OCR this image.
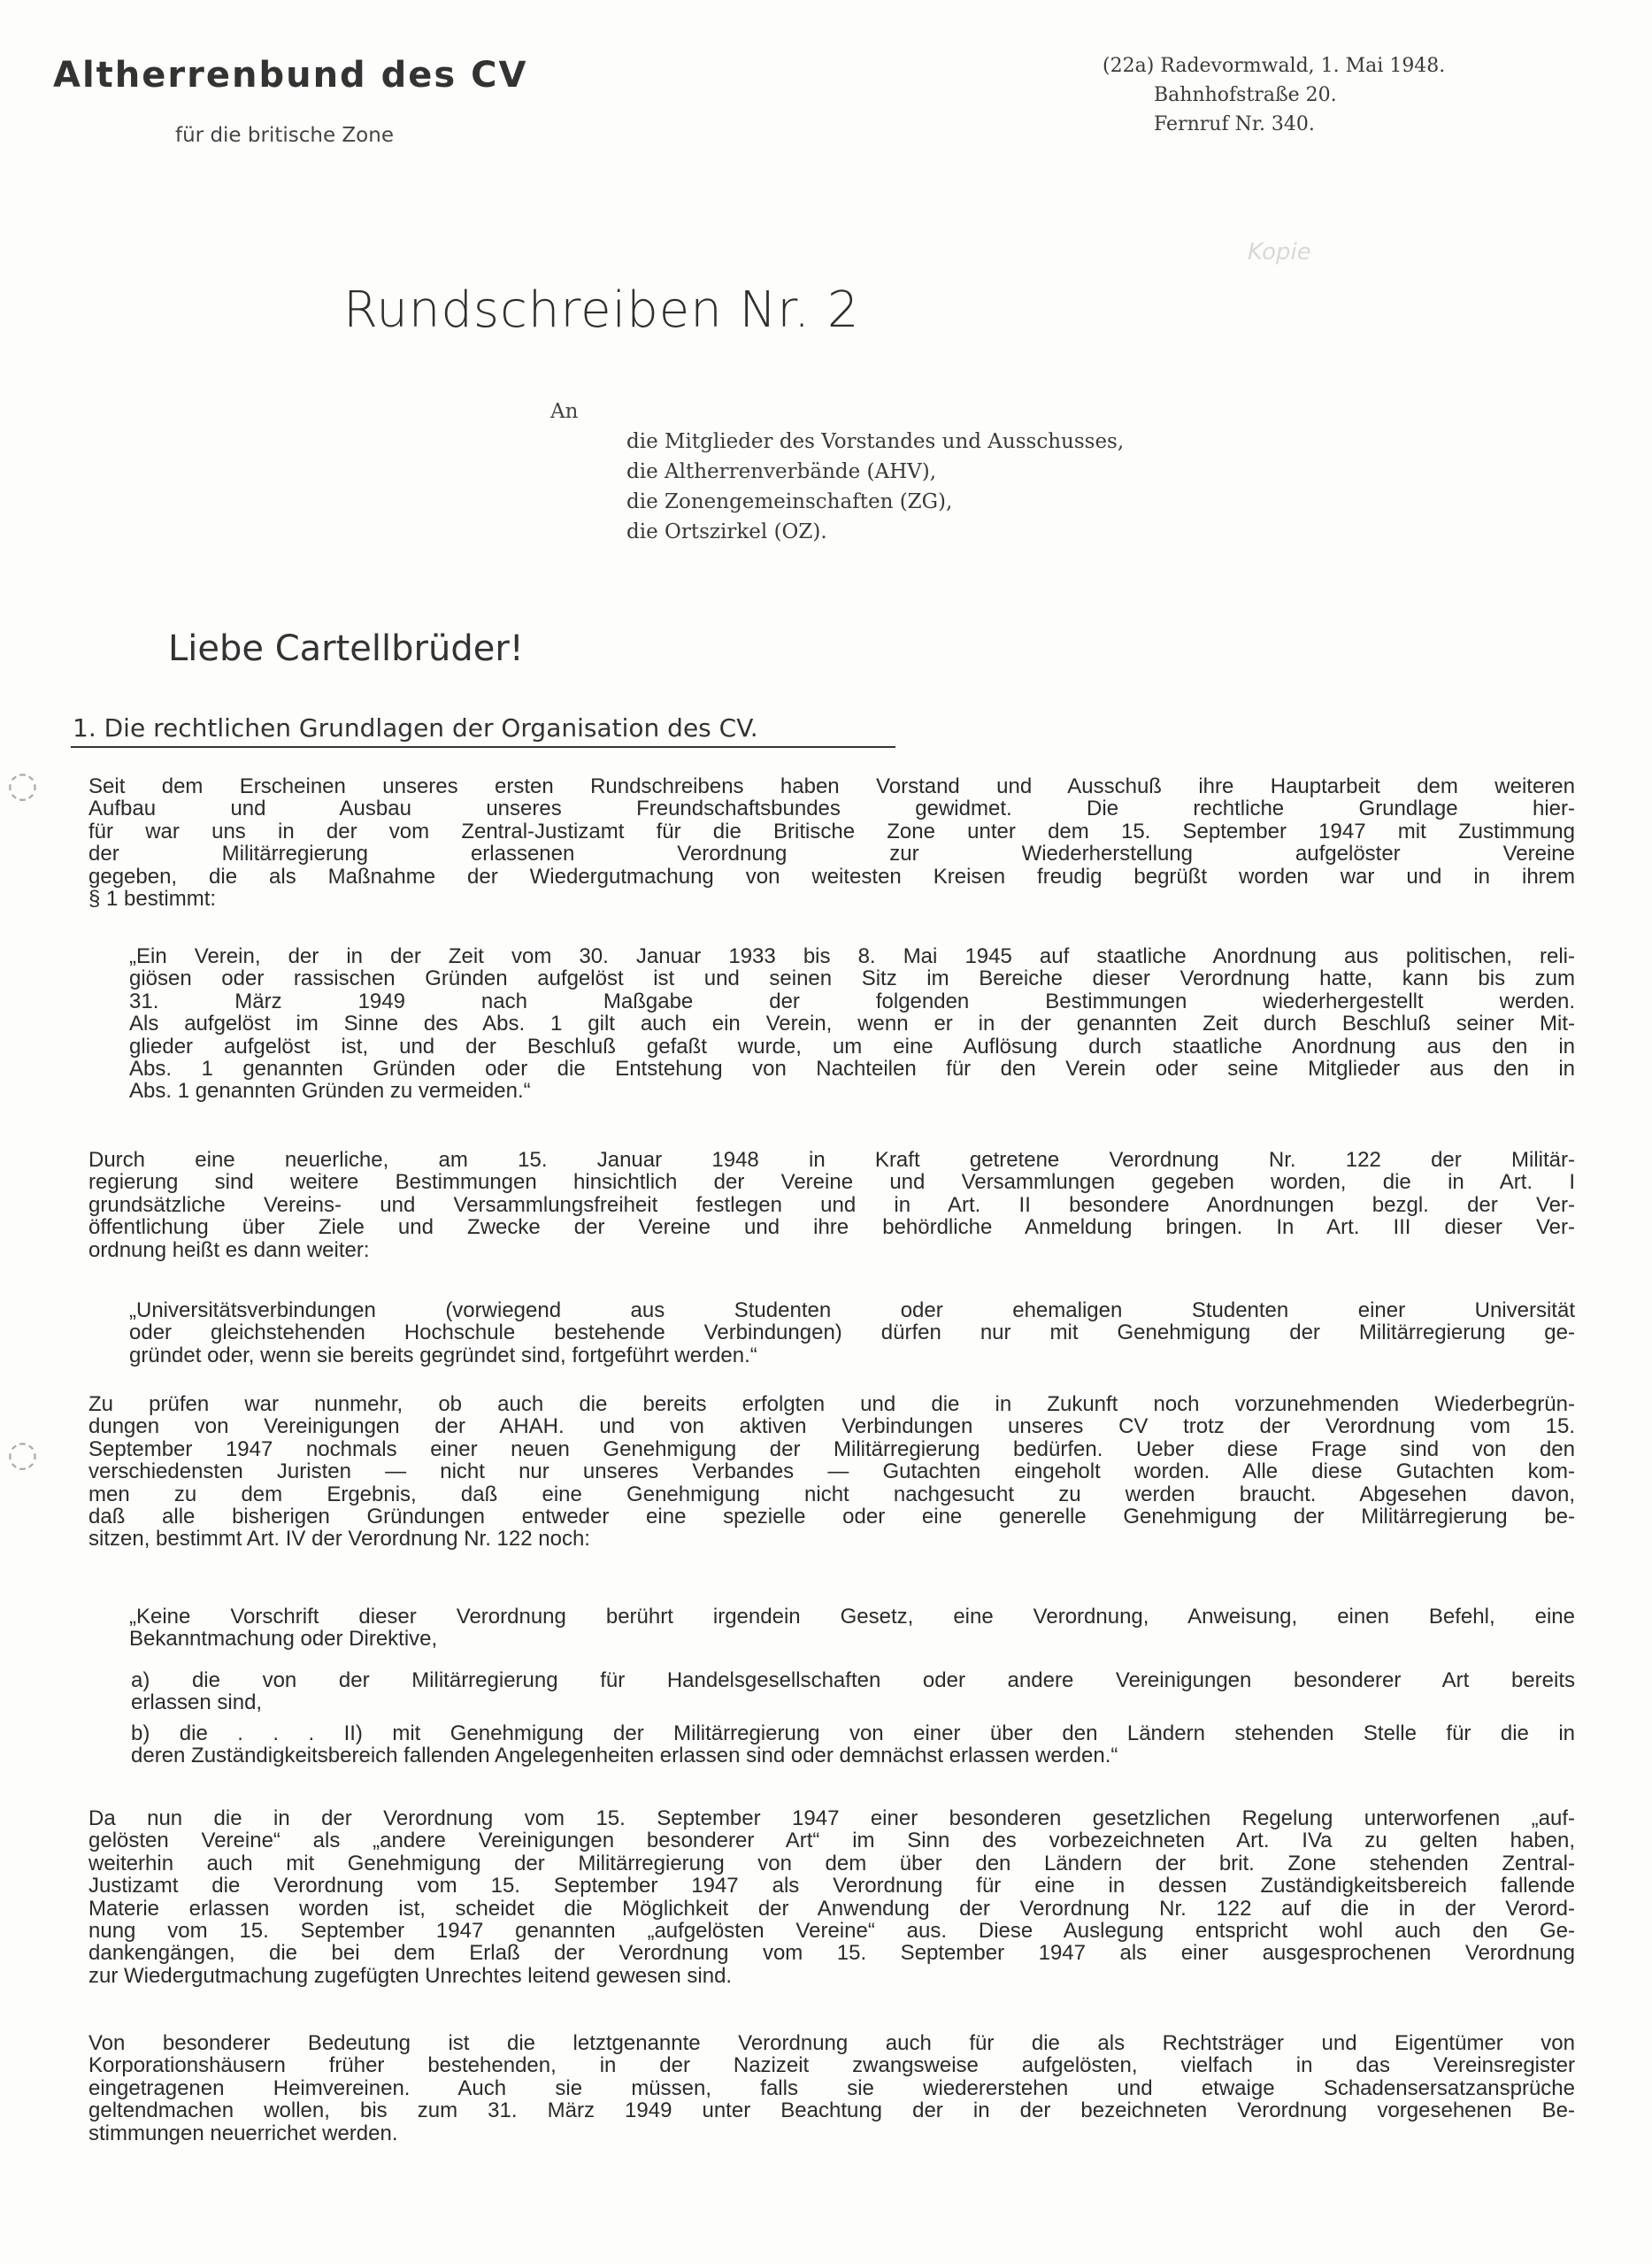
Altherrenbund des CV
für die britische Zone
(22a) Radevormwald, 1. Mai 1948.
Bahnhofstraße 20.
Fernruf Nr. 340.
Kopie
Rundschreiben Nr. 2
An
die Mitglieder des Vorstandes und Ausschusses,
die Altherrenverbände (AHV),
die Zonengemeinschaften (ZG),
die Ortszirkel (OZ).
Liebe Cartellbrüder!
1. Die rechtlichen Grundlagen der Organisation des CV.
◌
◌
Seit dem Erscheinen unseres ersten Rundschreibens haben Vorstand und Ausschuß ihre Hauptarbeit dem weiteren
Aufbau und Ausbau unseres Freundschaftsbundes gewidmet. Die rechtliche Grundlage hier-
für war uns in der vom Zentral-Justizamt für die Britische Zone unter dem 15. September 1947 mit Zustimmung
der Militärregierung erlassenen Verordnung zur Wiederherstellung aufgelöster Vereine
gegeben, die als Maßnahme der Wiedergutmachung von weitesten Kreisen freudig begrüßt worden war und in ihrem
§ 1 bestimmt:
„Ein Verein, der in der Zeit vom 30. Januar 1933 bis 8. Mai 1945 auf staatliche Anordnung aus politischen, reli-
giösen oder rassischen Gründen aufgelöst ist und seinen Sitz im Bereiche dieser Verordnung hatte, kann bis zum
31. März 1949 nach Maßgabe der folgenden Bestimmungen wiederhergestellt werden.
Als aufgelöst im Sinne des Abs. 1 gilt auch ein Verein, wenn er in der genannten Zeit durch Beschluß seiner Mit-
glieder aufgelöst ist, und der Beschluß gefaßt wurde, um eine Auflösung durch staatliche Anordnung aus den in
Abs. 1 genannten Gründen oder die Entstehung von Nachteilen für den Verein oder seine Mitglieder aus den in
Abs. 1 genannten Gründen zu vermeiden.“
Durch eine neuerliche, am 15. Januar 1948 in Kraft getretene Verordnung Nr. 122 der Militär-
regierung sind weitere Bestimmungen hinsichtlich der Vereine und Versammlungen gegeben worden, die in Art. I
grundsätzliche Vereins- und Versammlungsfreiheit festlegen und in Art. II besondere Anordnungen bezgl. der Ver-
öffentlichung über Ziele und Zwecke der Vereine und ihre behördliche Anmeldung bringen. In Art. III dieser Ver-
ordnung heißt es dann weiter:
„Universitätsverbindungen (vorwiegend aus Studenten oder ehemaligen Studenten einer Universität
oder gleichstehenden Hochschule bestehende Verbindungen) dürfen nur mit Genehmigung der Militärregierung ge-
gründet oder, wenn sie bereits gegründet sind, fortgeführt werden.“
Zu prüfen war nunmehr, ob auch die bereits erfolgten und die in Zukunft noch vorzunehmenden Wiederbegrün-
dungen von Vereinigungen der AHAH. und von aktiven Verbindungen unseres CV trotz der Verordnung vom 15.
September 1947 nochmals einer neuen Genehmigung der Militärregierung bedürfen. Ueber diese Frage sind von den
verschiedensten Juristen — nicht nur unseres Verbandes — Gutachten eingeholt worden. Alle diese Gutachten kom-
men zu dem Ergebnis, daß eine Genehmigung nicht nachgesucht zu werden braucht. Abgesehen davon,
daß alle bisherigen Gründungen entweder eine spezielle oder eine generelle Genehmigung der Militärregierung be-
sitzen, bestimmt Art. IV der Verordnung Nr. 122 noch:
„Keine Vorschrift dieser Verordnung berührt irgendein Gesetz, eine Verordnung, Anweisung, einen Befehl, eine
Bekanntmachung oder Direktive,
a) die von der Militärregierung für Handelsgesellschaften oder andere Vereinigungen besonderer Art bereits
erlassen sind,
b) die . . . II) mit Genehmigung der Militärregierung von einer über den Ländern stehenden Stelle für die in
deren Zuständigkeitsbereich fallenden Angelegenheiten erlassen sind oder demnächst erlassen werden.“
Da nun die in der Verordnung vom 15. September 1947 einer besonderen gesetzlichen Regelung unterworfenen „auf-
gelösten Vereine“ als „andere Vereinigungen besonderer Art“ im Sinn des vorbezeichneten Art. IVa zu gelten haben,
weiterhin auch mit Genehmigung der Militärregierung von dem über den Ländern der brit. Zone stehenden Zentral-
Justizamt die Verordnung vom 15. September 1947 als Verordnung für eine in dessen Zuständigkeitsbereich fallende
Materie erlassen worden ist, scheidet die Möglichkeit der Anwendung der Verordnung Nr. 122 auf die in der Verord-
nung vom 15. September 1947 genannten „aufgelösten Vereine“ aus. Diese Auslegung entspricht wohl auch den Ge-
dankengängen, die bei dem Erlaß der Verordnung vom 15. September 1947 als einer ausgesprochenen Verordnung
zur Wiedergutmachung zugefügten Unrechtes leitend gewesen sind.
Von besonderer Bedeutung ist die letztgenannte Verordnung auch für die als Rechtsträger und Eigentümer von
Korporationshäusern früher bestehenden, in der Nazizeit zwangsweise aufgelösten, vielfach in das Vereinsregister
eingetragenen Heimvereinen. Auch sie müssen, falls sie wiedererstehen und etwaige Schadensersatzansprüche
geltendmachen wollen, bis zum 31. März 1949 unter Beachtung der in der bezeichneten Verordnung vorgesehenen Be-
stimmungen neuerrichet werden.
